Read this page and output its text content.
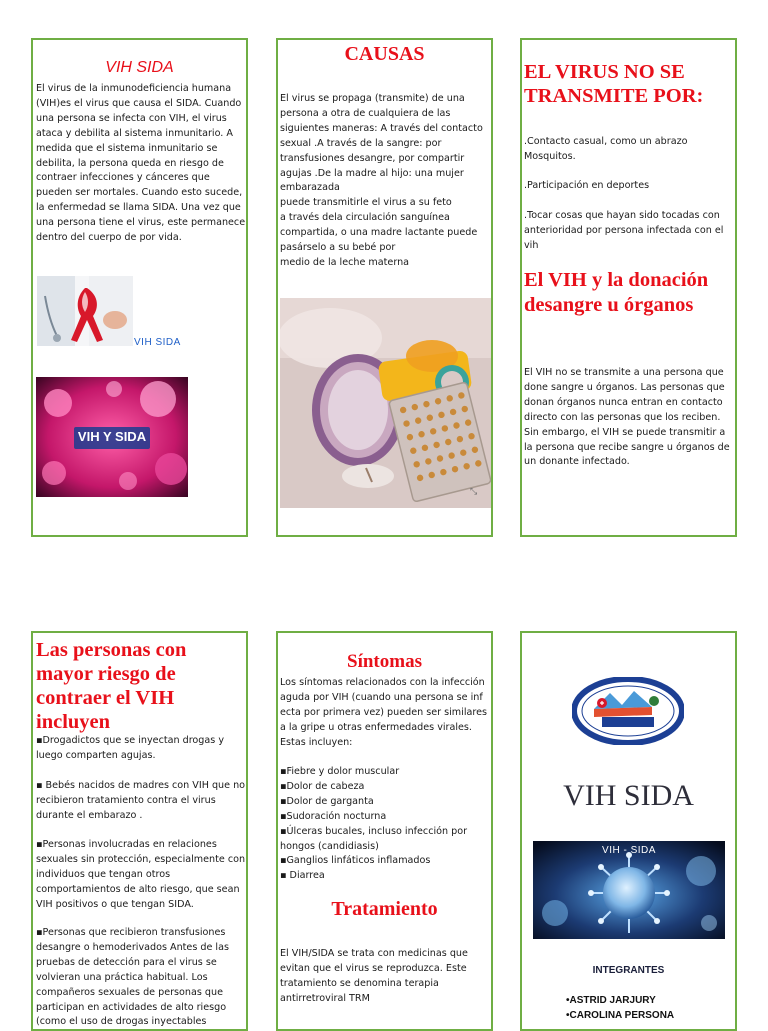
VIH SIDA

El virus de la inmunodeficiencia humana (VIH)es el virus que causa el SIDA. Cuando una persona se infecta con VIH, el virus ataca y debilita al sistema inmunitario. A medida que el sistema inmunitario se debilita, la persona queda en riesgo de contraer infecciones y cánceres que pueden ser mortales. Cuando esto sucede, la enfermedad se llama SIDA. Una vez que una persona tiene el virus, este permanece dentro del cuerpo de por vida.

VIH SIDA
VIH Y SIDA
CAUSAS

El virus se propaga (transmite) de una

persona a otra de cualquiera de las

siguientes maneras: A través del contacto

sexual .A través de la sangre: por

transfusiones desangre, por compartir

agujas .De la madre al hijo: una mujer

embarazada

puede transmitirle el virus a su feto

a través dela circulación sanguínea

compartida, o una madre lactante puede

pasárselo a su bebé por

medio de la leche materna

⤡
EL VIRUS NO SE TRANSMITE POR:

.Contacto casual, como un abrazo Mosquitos.

.Participación en deportes

.Tocar cosas que hayan sido tocadas con anterioridad por persona infectada con el vih

El VIH y la donación desangre u órganos

El VIH no se transmite a una persona que done sangre u órganos. Las personas que donan órganos nunca entran en contacto directo con las personas que los reciben. Sin embargo, el VIH se puede transmitir a la persona que recibe sangre u órganos de un donante infectado.

Las personas con mayor riesgo de contraer el VIH incluyen

▪Drogadictos que se inyectan drogas y luego comparten agujas.

▪ Bebés nacidos de madres con VIH que no recibieron tratamiento contra el virus durante el embarazo .

▪Personas involucradas en relaciones sexuales sin protección, especialmente con individuos que tengan otros comportamientos de alto riesgo, que sean VIH positivos o que tengan SIDA.

▪Personas que recibieron transfusiones desangre o hemoderivados Antes de las pruebas de detección para el virus se volvieran una práctica habitual. Los compañeros sexuales de personas que participan en actividades de alto riesgo (como el uso de drogas inyectables

Síntomas

Los síntomas relacionados con la infección aguda por VIH (cuando una persona se inf ecta por primera vez) pueden ser similares a la gripe u otras enfermedades virales. Estas incluyen:

▪Fiebre y dolor muscular

▪Dolor de cabeza

▪Dolor de garganta

▪Sudoración nocturna

▪Úlceras bucales, incluso infección por hongos (candidiasis)

▪Ganglios linfáticos inflamados

▪ Diarrea

Tratamiento

El VIH/SIDA se trata con medicinas que evitan que el virus se reproduzca. Este tratamiento se denomina terapia antirretroviral TRM

VIH SIDA
VIH - SIDA
INTEGRANTES

•ASTRID JARJURY

•CAROLINA PERSONA
